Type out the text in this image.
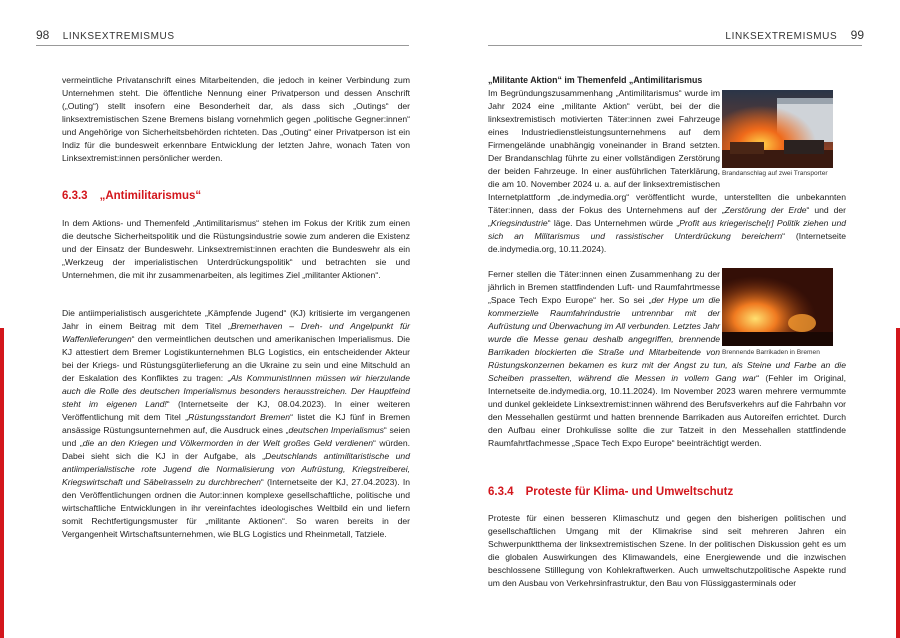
98 LINKSEXTREMISMUS

vermeintliche Privatanschrift eines Mitarbeitenden, die jedoch in keiner Verbindung zum Unternehmen steht. Die öffentliche Nennung einer Privatperson und dessen Anschrift („Outing“) stellt insofern eine Besonderheit dar, als dass sich „Outings“ der linksextremistischen Szene Bremens bislang vornehmlich gegen „politische Gegner:innen“ und Angehörige von Sicherheitsbehörden richteten. Das „Outing“ einer Privatperson ist ein Indiz für die bundesweit erkennbare Entwicklung der letzten Jahre, wonach Taten von Linksextremist:innen persönlicher werden.

6.3.3 „Antimilitarismus“

In dem Aktions- und Themenfeld „Antimilitarismus“ stehen im Fokus der Kritik zum einen die deutsche Sicherheitspolitik und die Rüstungsindustrie sowie zum anderen die Existenz und der Einsatz der Bundeswehr. Linksextremist:innen erachten die Bundeswehr als ein „Werkzeug der imperialistischen Unterdrückungspolitik“ und betrachten sie und Unternehmen, die mit ihr zusammenarbeiten, als legitimes Ziel „militanter Aktionen“.

Die antiimperialistisch ausgerichtete „Kämpfende Jugend“ (KJ) kritisierte im vergangenen Jahr in einem Beitrag mit dem Titel „Bremerhaven – Dreh- und Angelpunkt für Waffenlieferungen“ den vermeintlichen deutschen und amerikanischen Imperialismus. Die KJ attestiert dem Bremer Logistikunternehmen BLG Logistics, ein entscheidender Akteur bei der Kriegs- und Rüstungsgüterlieferung an die Ukraine zu sein und eine Mitschuld an der Eskalation des Konfliktes zu tragen: „Als KommunistInnen müssen wir hierzulande auch die Rolle des deutschen Imperialismus besonders herausstreichen. Der Hauptfeind steht im eigenen Land!“ (Internetseite der KJ, 08.04.2023). In einer weiteren Veröffentlichung mit dem Titel „Rüstungsstandort Bremen“ listet die KJ fünf in Bremen ansässige Rüstungsunternehmen auf, die Ausdruck eines „deutschen Imperialismus“ seien und „die an den Kriegen und Völkermorden in der Welt großes Geld verdienen“ würden. Dabei sieht sich die KJ in der Aufgabe, als „Deutschlands antimilitaristische und antiimperialistische rote Jugend die Normalisierung von Aufrüstung, Kriegstreiberei, Kriegswirtschaft und Säbelrasseln zu durchbrechen“ (Internetseite der KJ, 27.04.2023). In den Veröffentlichungen ordnen die Autor:innen komplexe gesellschaftliche, politische und wirtschaftliche Entwicklungen in ihr vereinfachtes ideologisches Weltbild ein und liefern somit Rechtfertigungsmuster für „militante Aktionen“. So waren bereits in der Vergangenheit Wirtschaftsunternehmen, wie BLG Logistics und Rheinmetall, Tatziele.

LINKSEXTREMISMUS 99
Brandanschlag auf zwei Transporter
Brennende Barrikaden in Bremen

„Militante Aktion“ im Themenfeld „Antimilitarismus

Im Begründungszusammenhang „Antimilitarismus“ wurde im Jahr 2024 eine „militante Aktion“ verübt, bei der die linksextremistisch motivierten Täter:innen zwei Fahrzeuge eines Industriedienstleistungsunternehmens auf dem Firmengelände unabhängig voneinander in Brand setzten. Der Brandanschlag führte zu einer vollständigen Zerstörung der beiden Fahrzeuge. In einer ausführlichen Taterklärung, die am 10. November 2024 u. a. auf der linksextremistischen Internetplattform „de.indymedia.org“ veröffentlicht wurde, unterstellten die unbekannten Täter:innen, dass der Fokus des Unternehmens auf der „Zerstörung der Erde“ und der „Kriegsindustrie“ läge. Das Unternehmen würde „Profit aus kriegerische[r] Politik ziehen und sich an Militarismus und rassistischer Unterdrückung bereichern“ (Internetseite de.indymedia.org, 10.11.2024).

Ferner stellen die Täter:innen einen Zusammenhang zu der jährlich in Bremen stattfindenden Luft- und Raumfahrtmesse „Space Tech Expo Europe“ her. So sei „der Hype um die kommerzielle Raumfahrindustrie untrennbar mit der Aufrüstung und Überwachung im All verbunden. Letztes Jahr wurde die Messe genau deshalb angegriffen, brennende Barrikaden blockierten die Straße und Mitarbeitende von Rüstungskonzernen bekamen es kurz mit der Angst zu tun, als Steine und Farbe an die Scheiben prasselten, während die Messen in vollem Gang war“ (Fehler im Original, Internetseite de.indymedia.org, 10.11.2024). Im November 2023 waren mehrere vermummte und dunkel gekleidete Linksextremist:innen während des Berufsverkehrs auf die Fahrbahn vor den Messehallen gestürmt und hatten brennende Barrikaden aus Autoreifen errichtet. Durch den Aufbau einer Drohkulisse sollte die zur Tatzeit in den Messehallen stattfindende Raumfahrtfachmesse „Space Tech Expo Europe“ beeinträchtigt werden.

6.3.4 Proteste für Klima- und Umweltschutz

Proteste für einen besseren Klimaschutz und gegen den bisherigen politischen und gesellschaftlichen Umgang mit der Klimakrise sind seit mehreren Jahren ein Schwerpunktthema der linksextremistischen Szene. In der politischen Diskussion geht es um die globalen Auswirkungen des Klimawandels, eine Energiewende und die inzwischen beschlossene Stilllegung von Kohlekraftwerken. Auch umweltschutzpolitische Aspekte rund um den Ausbau von Verkehrsinfrastruktur, den Bau von Flüssiggasterminals oder
